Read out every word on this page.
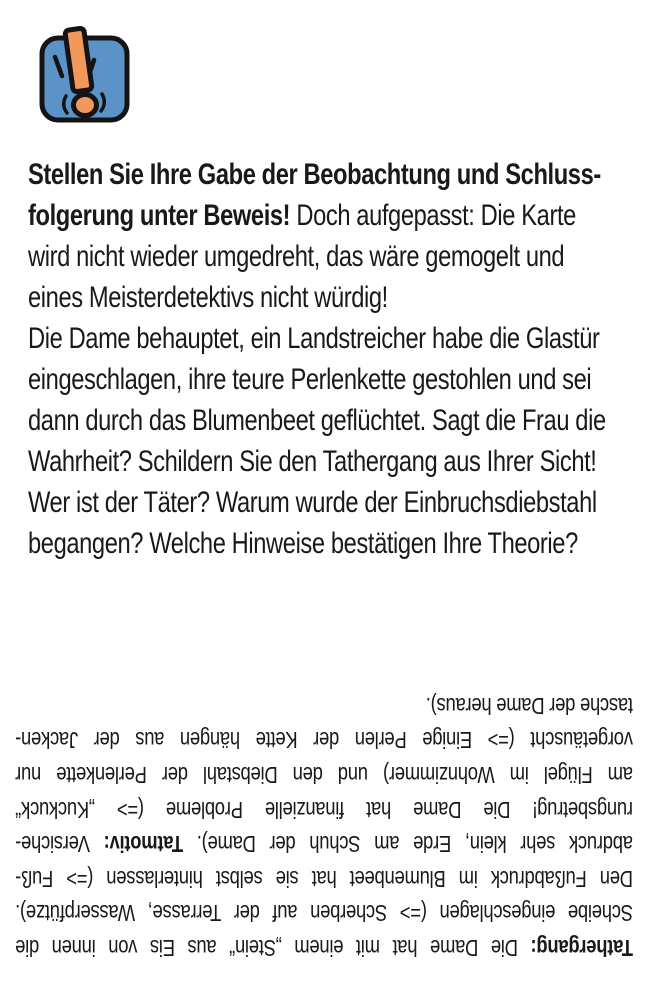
Stellen Sie Ihre Gabe der Beobachtung und Schluss-
folgerung unter Beweis! Doch aufgepasst: Die Karte
wird nicht wieder umgedreht, das wäre gemogelt und
eines Meisterdetektivs nicht würdig!
Die Dame behauptet, ein Landstreicher habe die Glastür
eingeschlagen, ihre teure Perlenkette gestohlen und sei
dann durch das Blumenbeet geflüchtet. Sagt die Frau die
Wahrheit? Schildern Sie den Tathergang aus Ihrer Sicht!
Wer ist der Täter? Warum wurde der Einbruchsdiebstahl
begangen? Welche Hinweise bestätigen Ihre Theorie?
Tathergang: Die Dame hat mit einem „Stein“ aus Eis von innen die
Scheibe eingeschlagen (=> Scherben auf der Terrasse, Wasserpfütze).
Den Fußabdruck im Blumenbeet hat sie selbst hinterlassen (=> Fuß-
abdruck sehr klein, Erde am Schuh der Dame). Tatmotiv: Versiche-
rungsbetrug! Die Dame hat finanzielle Probleme (=> „Kuckuck“
am Flügel im Wohnzimmer) und den Diebstahl der Perlenkette nur
vorgetäuscht (=> Einige Perlen der Kette hängen aus der Jacken-
tasche der Dame heraus).
